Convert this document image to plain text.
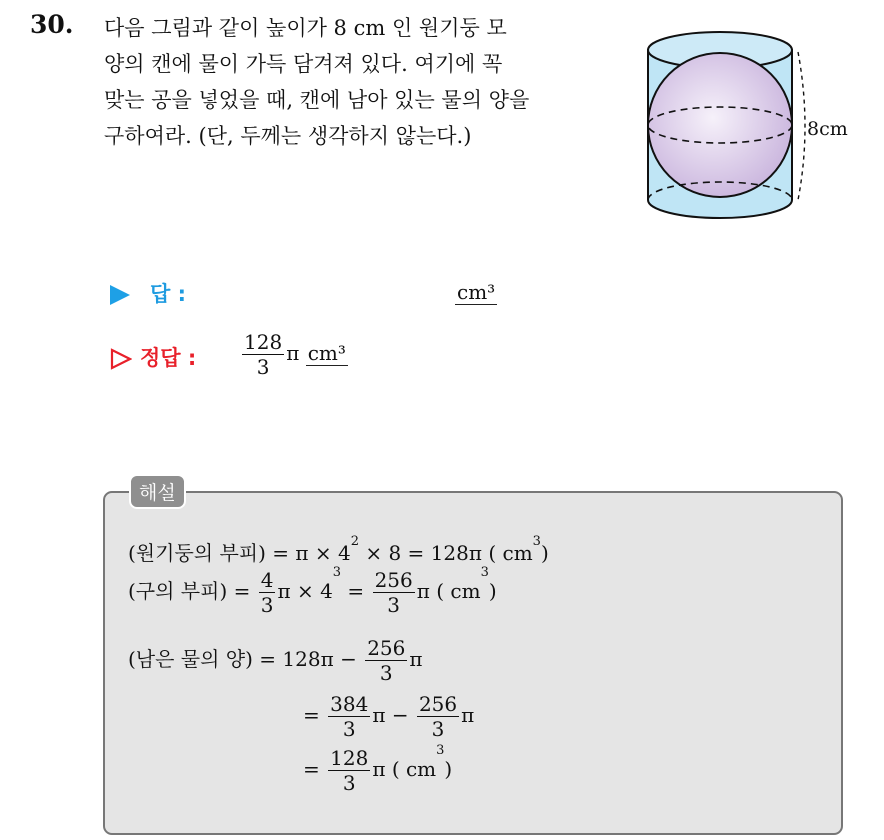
30. 다음 그림과 같이 높이가 8 cm 인 원기둥 모
양의 캔에 물이 가득 담겨져 있다. 여기에 꼭
맞는 공을 넣었을 때, 캔에 남아 있는 물의 양을
구하여라. (단, 두께는 생각하지 않는다.)	8cm
답 :	cm³
정답 : $\frac{128}{3}$ π cm³
해설
(원기둥의 부피) = $\pi \times 4^2 \times 8 = 128\pi$ ( $cm^3$)
(구의 부피) = $\frac{4}{3}$ $\pi \times 4^3 = \frac{256}{3}$ π ( $cm^3$)
(남은 물의 양) = $128\pi - \frac{256}{3}$ π
= $\frac{384}{3}$ $\pi - \frac{256}{3}$ π
= $\frac{128}{3}$ π ( $cm^3$)
